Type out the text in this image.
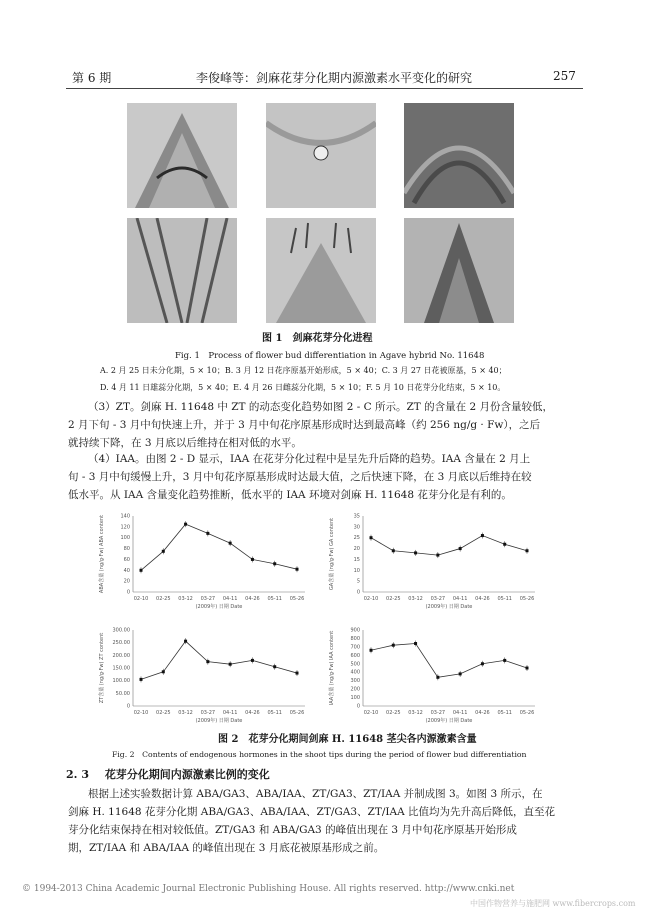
第 6 期	李俊峰等：剑麻花芽分化期内源激素水平变化的研究	257
图 1　剑麻花芽分化进程
Fig. 1　Process of flower bud differentiation in Agave hybrid No. 11648
A. 2 月 25 日未分化期，5 × 10；B. 3 月 12 日花序原基开始形成，5 × 40；C. 3 月 27 日花被原基，5 × 40；
D. 4 月 11 日雄蕊分化期，5 × 40；E. 4 月 26 日雌蕊分化期，5 × 10；F. 5 月 10 日花芽分化结束，5 × 10。
（3）ZT。剑麻 H. 11648 中 ZT 的动态变化趋势如图 2 - C 所示。ZT 的含量在 2 月份含量较低，
2 月下旬 - 3 月中旬快速上升，并于 3 月中旬花序原基形成时达到最高峰（约 256 ng/g · Fw），之后
就持续下降，在 3 月底以后维持在相对低的水平。
（4）IAA。由图 2 - D 显示，IAA 在花芽分化过程中是呈先升后降的趋势。IAA 含量在 2 月上
旬 - 3 月中旬缓慢上升，3 月中旬花序原基形成时达最大值，之后快速下降，在 3 月底以后维持在较
低水平。从 IAA 含量变化趋势推断，低水平的 IAA 环境对剑麻 H. 11648 花芽分化是有利的。
0
20
40
60
80
100
120
140
02-10 02-25 03-12 03-27 04-11 04-26 05-11 05-26
(2009年) 日期 Date
ABA含量 (ng/g·Fw) ABA content	0
5
10
15
20
25
30
35
02-10 02-25 03-12 03-27 04-11 04-26 05-11 05-26
(2009年) 日期 Date
GA含量 (ng/g·Fw) GA content
0
50.00
100.00
150.00
200.00
250.00
300.00
02-10 02-25 03-12 03-27 04-11 04-26 05-11 05-26
(2009年) 日期 Date
ZT含量 (ng/g·Fw) ZT content
0
100
200
300
400
500
600
700
800
900
02-10 02-25 03-12 03-27 04-11 04-26 05-11 05-26
(2009年) 日期 Date
IAA含量 (ng/g·Fw) IAA content
图 2　花芽分化期间剑麻 H. 11648 茎尖各内源激素含量
Fig. 2　Contents of endogenous hormones in the shoot tips during the period of flower bud differentiation
2. 3 花芽分化期间内源激素比例的变化
根据上述实验数据计算 ABA/GA3、ABA/IAA、ZT/GA3、ZT/IAA 并制成图 3。如图 3 所示，在
剑麻 H. 11648 花芽分化期 ABA/GA3、ABA/IAA、ZT/GA3、ZT/IAA 比值均为先升高后降低，直至花
芽分化结束保持在相对较低值。ZT/GA3 和 ABA/GA3 的峰值出现在 3 月中旬花序原基开始形成
期，ZT/IAA 和 ABA/IAA 的峰值出现在 3 月底花被原基形成之前。
© 1994-2013 China Academic Journal Electronic Publishing House. All rights reserved. http://www.cnki.net
中国作物营养与施肥网 www.fibercrops.com
